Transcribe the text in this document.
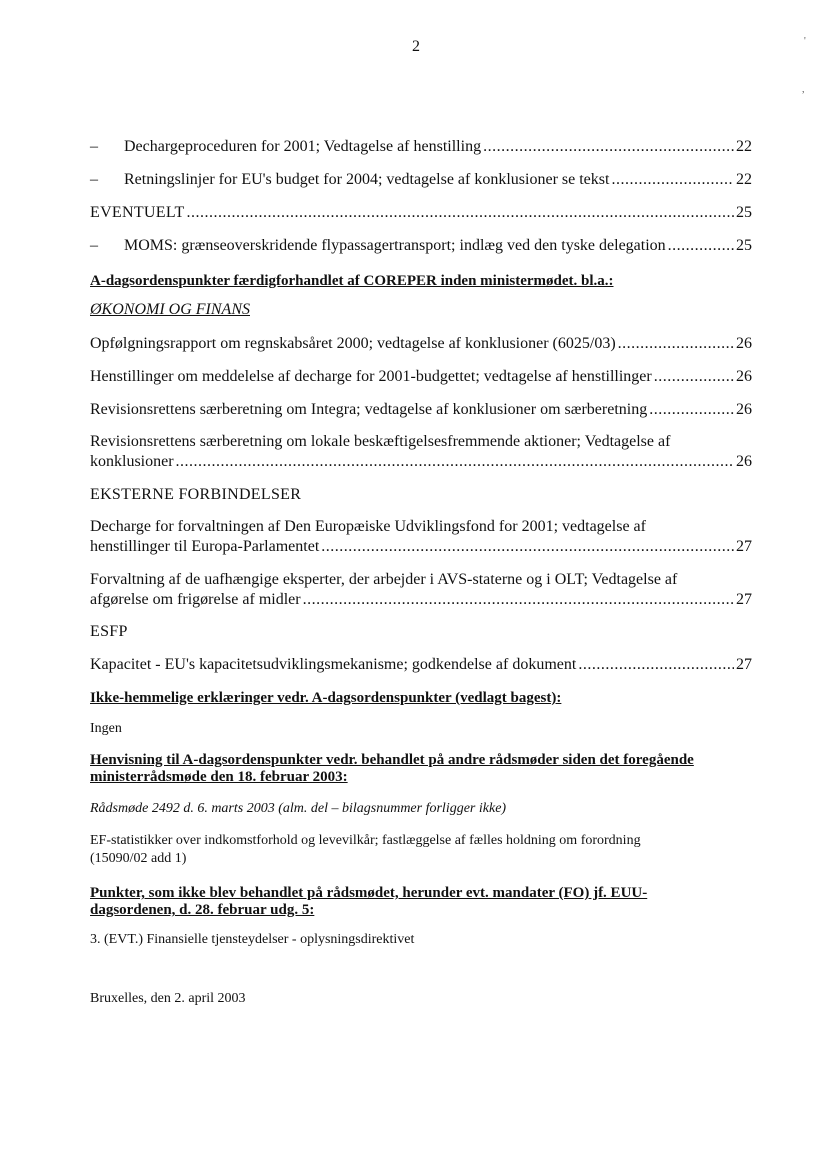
2	'
,
– Dechargeproceduren for 2001; Vedtagelse af henstilling .....	22
– Retningslinjer for EU's budget for 2004; vedtagelse af konklusioner se tekst .....	22
EVENTUELT .....	25
– MOMS: grænseoverskridende flypassagertransport; indlæg ved den tyske delegation .....	25
A-dagsordenspunkter færdigforhandlet af COREPER inden ministermødet. bl.a.:
ØKONOMI OG FINANS
Opfølgningsrapport om regnskabsåret 2000; vedtagelse af konklusioner (6025/03) .....	26
Henstillinger om meddelelse af decharge for 2001-budgettet; vedtagelse af henstillinger .....	26
Revisionsrettens særberetning om Integra; vedtagelse af konklusioner om særberetning .....	26
Revisionsrettens særberetning om lokale beskæftigelsesfremmende aktioner; Vedtagelse af
konklusioner .....	26
EKSTERNE FORBINDELSER
Decharge for forvaltningen af Den Europæiske Udviklingsfond for 2001; vedtagelse af
henstillinger til Europa-Parlamentet .....	27
Forvaltning af de uafhængige eksperter, der arbejder i AVS-staterne og i OLT; Vedtagelse af
afgørelse om frigørelse af midler .....	27
ESFP
Kapacitet - EU's kapacitetsudviklingsmekanisme; godkendelse af dokument .....	27
Ikke-hemmelige erklæringer vedr. A-dagsordenspunkter (vedlagt bagest):
Ingen
Henvisning til A-dagsordenspunkter vedr. behandlet på andre rådsmøder siden det foregående
ministerrådsmøde den 18. februar 2003:
Rådsmøde 2492 d. 6. marts 2003 (alm. del – bilagsnummer forligger ikke)
EF-statistikker over indkomstforhold og levevilkår; fastlæggelse af fælles holdning om forordning
(15090/02 add 1)
Punkter, som ikke blev behandlet på rådsmødet, herunder evt. mandater (FO) jf. EUU-
dagsordenen, d. 28. februar udg. 5:
3. (EVT.) Finansielle tjensteydelser - oplysningsdirektivet
Bruxelles, den 2. april 2003
